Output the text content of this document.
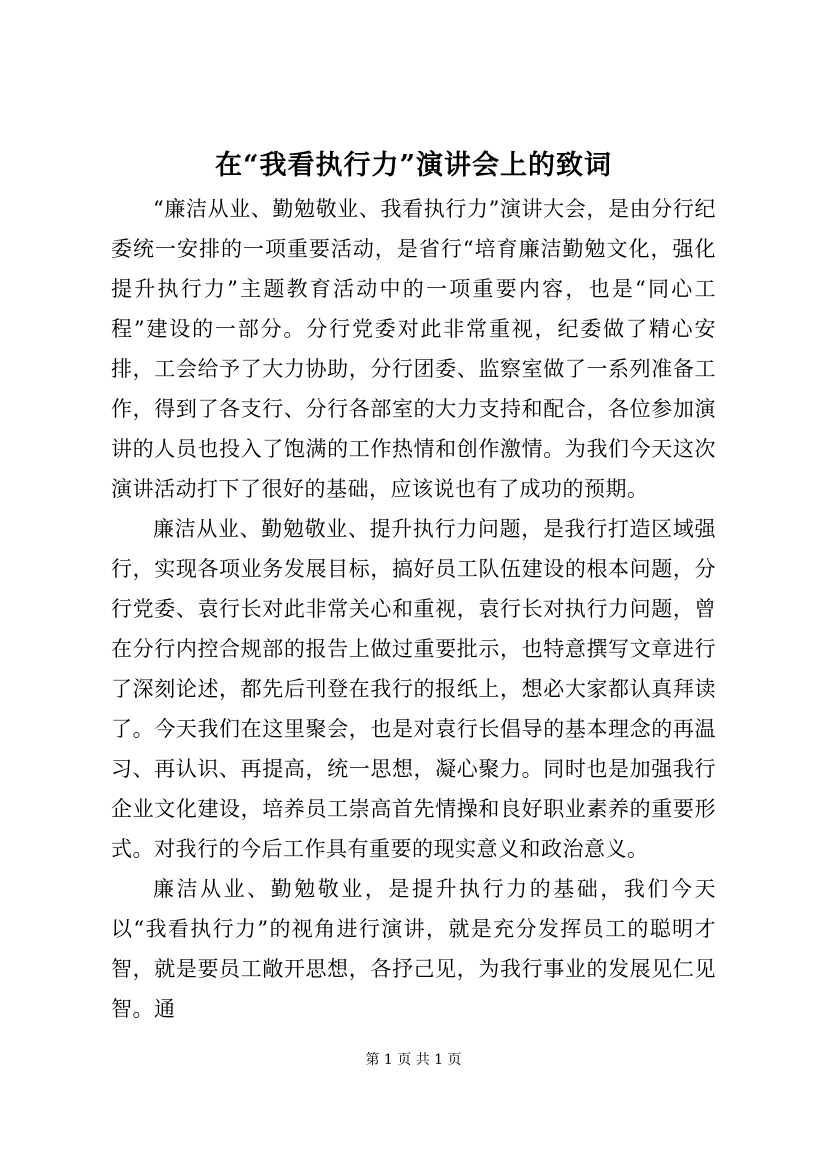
在“我看执行力”演讲会上的致词

“廉洁从业、勤勉敬业、我看执行力”演讲大会，是由分行纪委统一安排的一项重要活动，是省行“培育廉洁勤勉文化，强化提升执行力”主题教育活动中的一项重要内容，也是“同心工程”建设的一部分。分行党委对此非常重视，纪委做了精心安排，工会给予了大力协助，分行团委、监察室做了一系列准备工作，得到了各支行、分行各部室的大力支持和配合，各位参加演讲的人员也投入了饱满的工作热情和创作激情。为我们今天这次演讲活动打下了很好的基础，应该说也有了成功的预期。

廉洁从业、勤勉敬业、提升执行力问题，是我行打造区域强行，实现各项业务发展目标，搞好员工队伍建设的根本问题，分行党委、袁行长对此非常关心和重视，袁行长对执行力问题，曾在分行内控合规部的报告上做过重要批示，也特意撰写文章进行了深刻论述，都先后刊登在我行的报纸上，想必大家都认真拜读了。今天我们在这里聚会，也是对袁行长倡导的基本理念的再温习、再认识、再提高，统一思想，凝心聚力。同时也是加强我行企业文化建设，培养员工崇高首先情操和良好职业素养的重要形式。对我行的今后工作具有重要的现实意义和政治意义。

廉洁从业、勤勉敬业，是提升执行力的基础，我们今天以“我看执行力”的视角进行演讲，就是充分发挥员工的聪明才智，就是要员工敞开思想，各抒己见，为我行事业的发展见仁见智。通

第 1 页 共 1 页
